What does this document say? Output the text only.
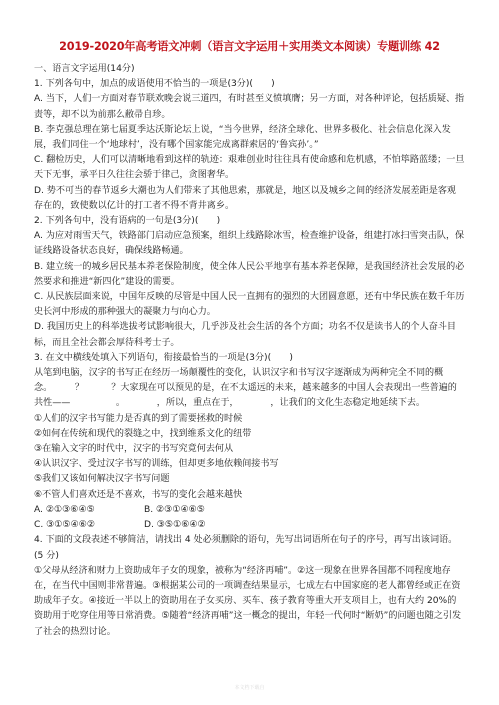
2019-2020年高考语文冲刺（语言文字运用＋实用类文本阅读）专题训练 42

一、语言文字运用(14分)

1. 下列各句中，加点的成语使用不恰当的一项是(3分)(　　)

A. 当下，人们一方面对春节联欢晚会说三道四，有时甚至义愤填膺；另一方面，对各种评论，包括质疑、指责等，却不以为前那么敝帚自珍。

B. 李克强总理在第七届夏季达沃斯论坛上说，“当今世界，经济全球化、世界多极化、社会信息化深入发展，我们同住一个‘地球村’，没有哪个国家能完成离群索居的‘鲁宾孙’。”

C. 翻检历史，人们可以清晰地看到这样的轨迹：艰难创业时往往具有使命感和危机感，不怕筚路蓝缕；一旦天下无事，承平日久往往会骄于律己，贪图奢华。

D. 势不可当的春节返乡大潮也为人们带来了其他思索，那就是，地区以及城乡之间的经济发展差距是客观存在的，致使数以亿计的打工者不得不背井离乡。

2. 下列各句中，没有语病的一句是(3分)(　　)

A. 为应对雨雪天气，铁路部门启动应急预案，组织上线路除冰雪，检查维护设备，组建打冰扫雪突击队，保证线路设备状态良好，确保线路畅通。

B. 建立统一的城乡居民基本养老保险制度，使全体人民公平地享有基本养老保障，是我国经济社会发展的必然要求和推进“新四化”建设的需要。

C. 从民族层面来说，中国年反映的尽管是中国人民一直拥有的强烈的大团圆意愿，还有中华民族在数千年历史长河中形成的那种强大的凝聚力与向心力。

D. 我国历史上的科举选拔考试影响很大，几乎涉及社会生活的各个方面；功名不仅是读书人的个人奋斗目标，而且全社会都会厚待科考士子。

3. 在文中横线处填入下列语句，衔接最恰当的一项是(3分)(　　)

从笔到电脑，汉字的书写正在经历一场颠覆性的变化，认识汉字和书写汉字逐渐成为两种完全不同的概念。　　　？　　　？大家现在可以预见的是，在不太遥远的未来，越来越多的中国人会表现出一些普遍的共性——　　　　　。　　　　，所以，重点在于，　　　　，让我们的文化生态稳定地延续下去。

①人们的汉字书写能力是否真的到了需要拯救的时候

②如何在传统和现代的裂缝之中，找到维系文化的纽带

③在输入文字的时代中，汉字的书写究竟何去何从

④认识汉字、受过汉字书写的训练，但却更多地依赖间接书写

⑤我们又该如何解决汉字书写问题

⑥不管人们喜欢还是不喜欢，书写的变化会越来越快

A. ②①③⑥④⑤	B. ②③①④⑥⑤
C. ③①⑤④⑥②	D. ③⑤①⑥④②

4. 下面的文段表述不够简洁，请找出 4 处必须删除的语句，先写出词语所在句子的序号，再写出该词语。(5 分)

①父母从经济和财力上资助成年子女的现象，被称为“经济再哺”。②这一现象在世界各国都不同程度地存在，在当代中国则非常普遍。③根据某公司的一项调查结果显示，七成左右中国家庭的老人都曾经或正在资助成年子女。④接近一半以上的资助用在子女买房、买车、孩子教育等重大开支项目上，也有大约 20%的资助用于吃穿住用等日常消费。⑤随着“经济再哺”这一概念的提出，年轻一代何时“断奶”的问题也随之引发了社会的热烈讨论。

本文档下载自
